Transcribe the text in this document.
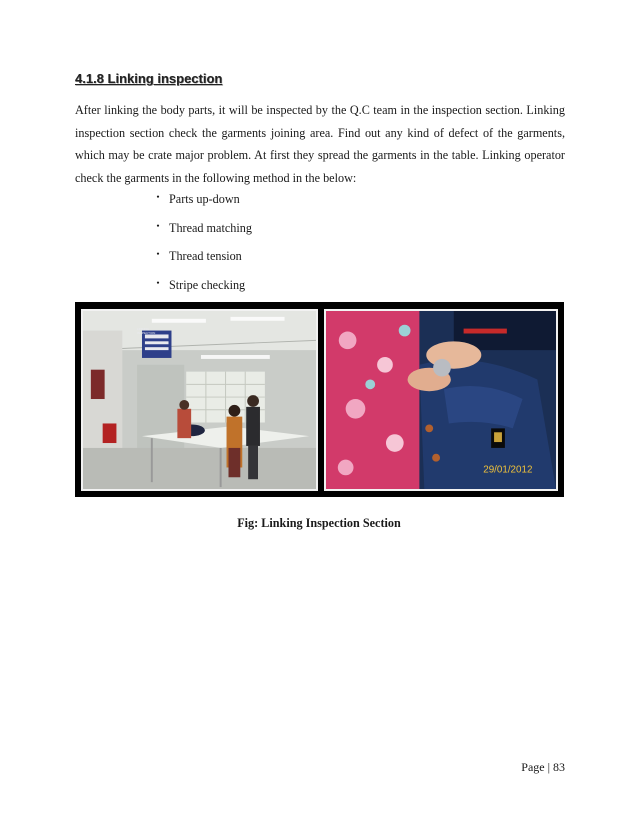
4.1.8 Linking inspection

After linking the body parts, it will be inspected by the Q.C team in the inspection section. Linking inspection section check the garments joining area. Find out any kind of defect of the garments, which may be crate major problem. At first they spread the garments in the table. Linking operator check the garments in the following method in the below:

・ Parts up‑down
・ Thread matching
・ Thread tension
・ Stripe checking
29/01/2012
Fig: Linking Inspection Section
Page | 83
LINKING INSPECTION
